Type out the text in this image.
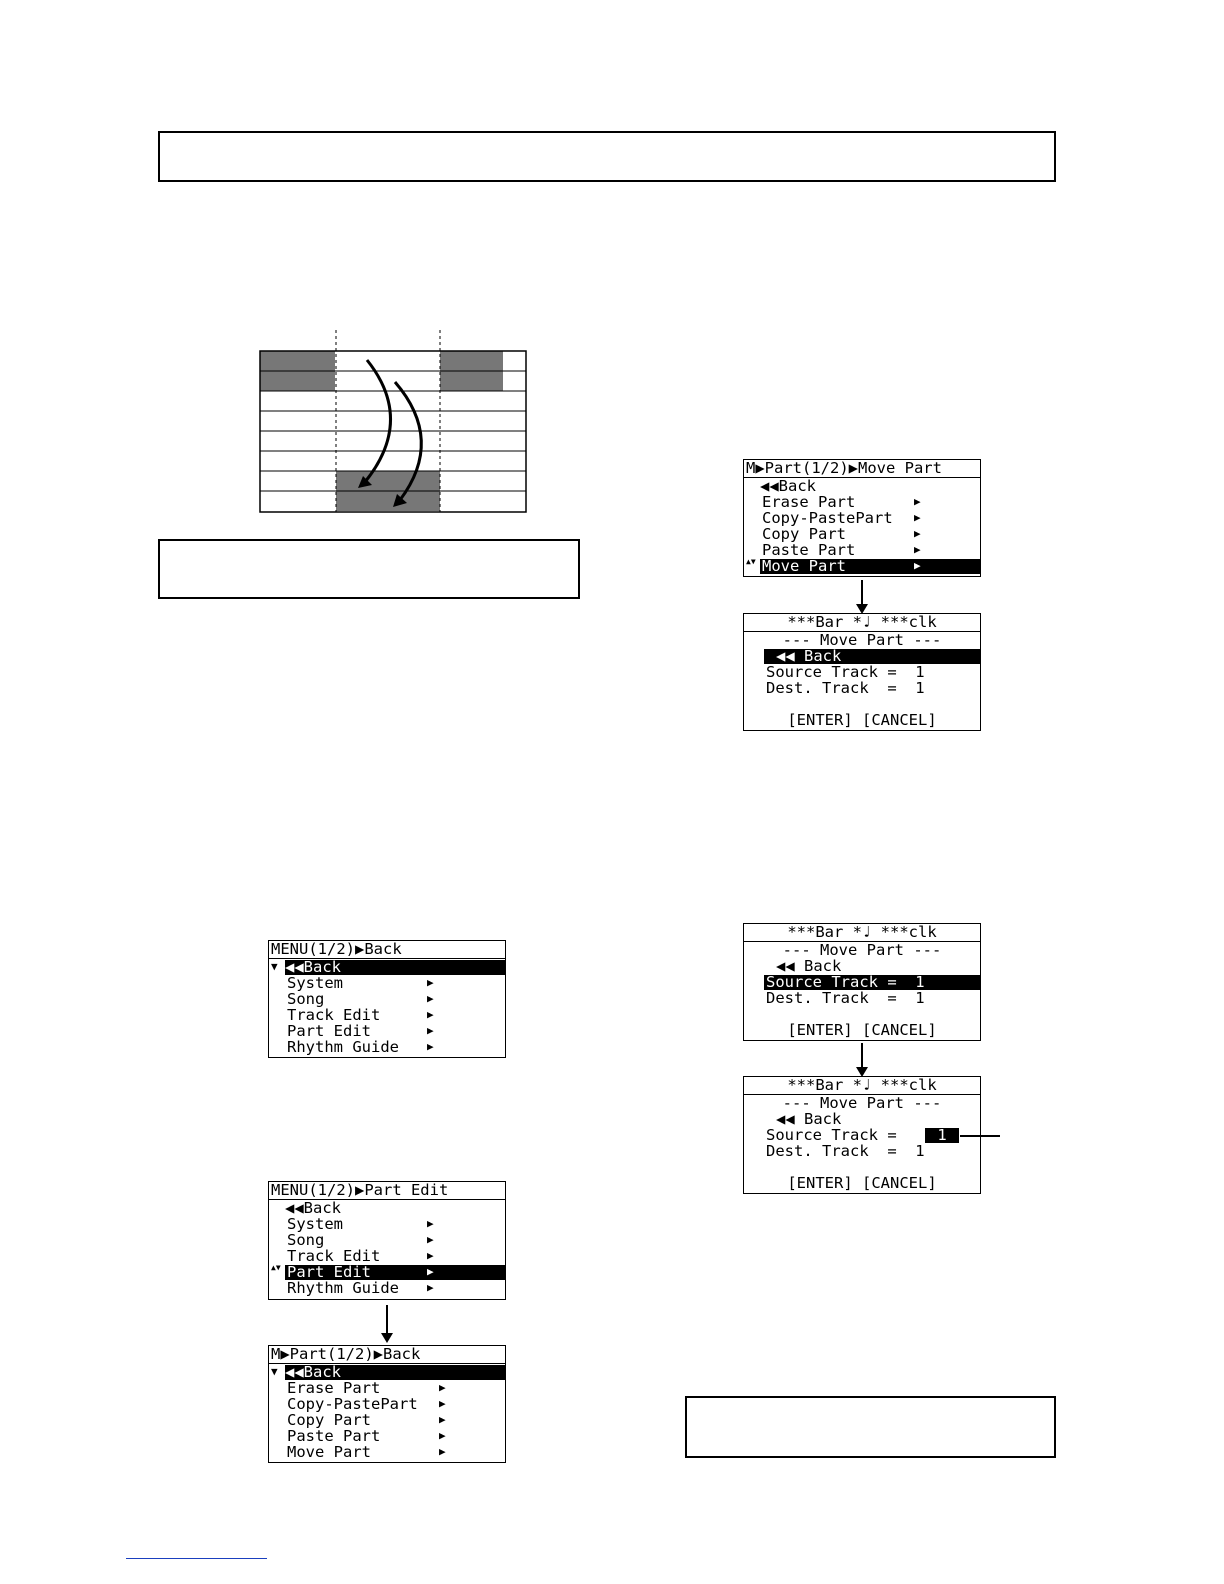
MENU(1/2)▶Back

▼

◀◀Back

System

	▶

Song

	▶

Track Edit

	▶

Part Edit

	▶

Rhythm Guide

	▶

MENU(1/2)▶Part Edit

◀◀Back

System

	▶

Song

	▶

Track Edit

	▶

▲▼

Part Edit

	▶

Rhythm Guide

	▶

M▶Part(1/2)▶Back

▼

◀◀Back

Erase Part

	▶

Copy-PastePart

▶

Copy Part

	▶

Paste Part

	▶

Move Part

	▶

M▶Part(1/2)▶Move Part

◀◀Back

Erase Part

	▶

Copy-PastePart

▶

Copy Part

	▶

Paste Part

	▶

▲▼

Move Part

	▶

***Bar *♩ ***clk

--- Move Part ---

◀◀ Back

Source Track =  1

Dest. Track  =  1

[ENTER] [CANCEL]

***Bar *♩ ***clk

--- Move Part ---

◀◀ Back

Source Track =  1

Dest. Track  =  1

[ENTER] [CANCEL]

***Bar *♩ ***clk

--- Move Part ---

◀◀ Back

Source Track =

	1

Dest. Track  =  1

[ENTER] [CANCEL]
